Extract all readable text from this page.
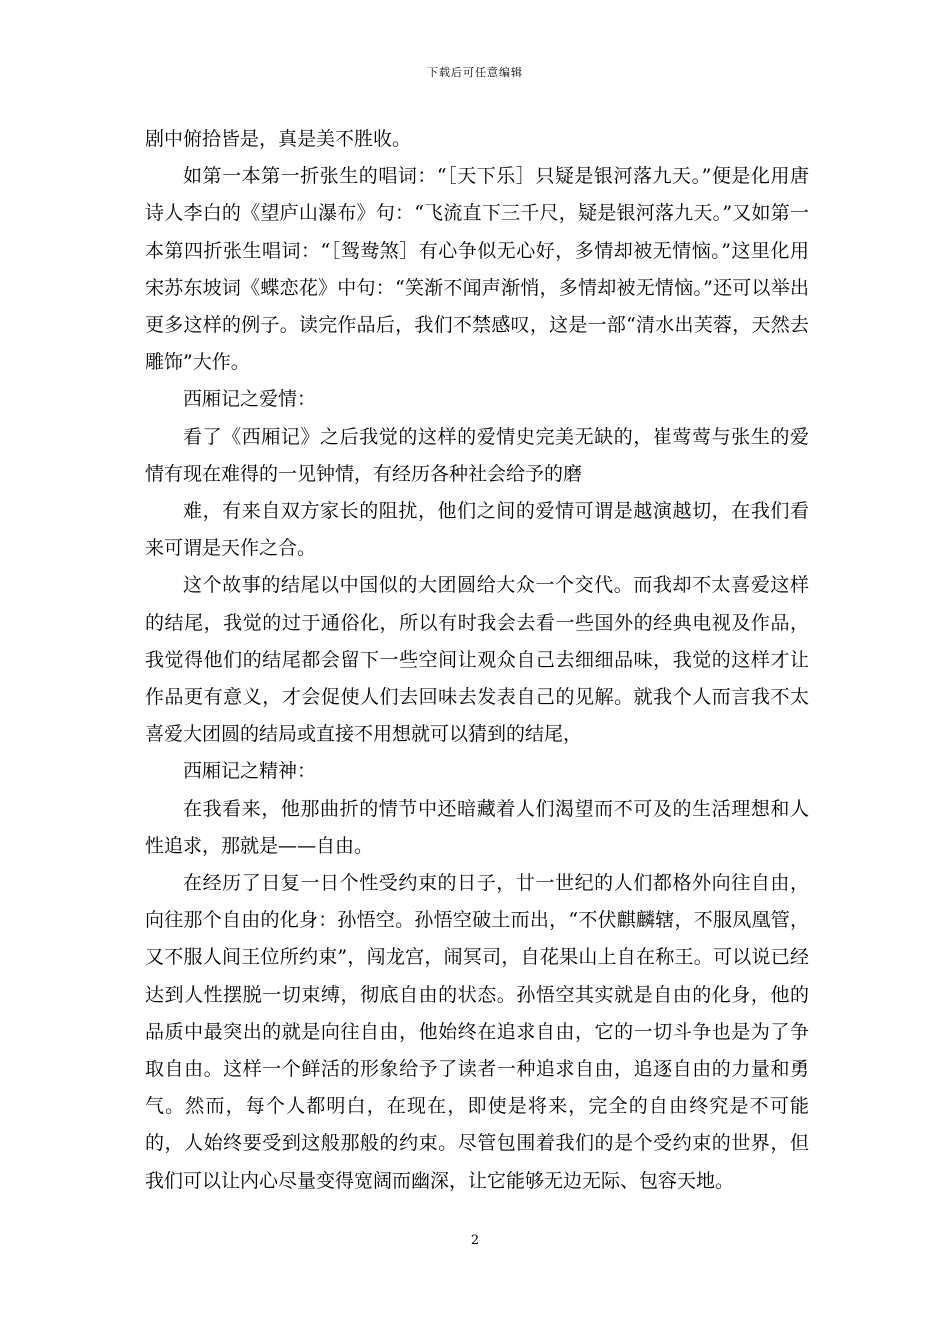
下载后可任意编辑

剧中俯拾皆是，真是美不胜收。

如第一本第一折张生的唱词：“［天下乐］只疑是银河落九天。”便是化用唐诗人李白的《望庐山瀑布》句：“飞流直下三千尺，疑是银河落九天。”又如第一本第四折张生唱词：“［鸳鸯煞］有心争似无心好，多情却被无情恼。”这里化用宋苏东坡词《蝶恋花》中句：“笑渐不闻声渐悄，多情却被无情恼。”还可以举出更多这样的例子。读完作品后，我们不禁感叹，这是一部“清水出芙蓉，天然去雕饰”大作。

西厢记之爱情：

看了《西厢记》之后我觉的这样的爱情史完美无缺的，崔莺莺与张生的爱情有现在难得的一见钟情，有经历各种社会给予的磨

难，有来自双方家长的阻扰，他们之间的爱情可谓是越演越切，在我们看来可谓是天作之合。

这个故事的结尾以中国似的大团圆给大众一个交代。而我却不太喜爱这样的结尾，我觉的过于通俗化，所以有时我会去看一些国外的经典电视及作品，我觉得他们的结尾都会留下一些空间让观众自己去细细品味，我觉的这样才让作品更有意义，才会促使人们去回味去发表自己的见解。就我个人而言我不太喜爱大团圆的结局或直接不用想就可以猜到的结尾，

西厢记之精神：

在我看来，他那曲折的情节中还暗藏着人们渴望而不可及的生活理想和人性追求，那就是——自由。

在经历了日复一日个性受约束的日子，廿一世纪的人们都格外向往自由，向往那个自由的化身：孙悟空。孙悟空破土而出，“不伏麒麟辖，不服凤凰管，又不服人间王位所约束”，闯龙宫，闹冥司，自花果山上自在称王。可以说已经达到人性摆脱一切束缚，彻底自由的状态。孙悟空其实就是自由的化身，他的品质中最突出的就是向往自由，他始终在追求自由，它的一切斗争也是为了争取自由。这样一个鲜活的形象给予了读者一种追求自由，追逐自由的力量和勇气。然而，每个人都明白，在现在，即使是将来，完全的自由终究是不可能的，人始终要受到这般那般的约束。尽管包围着我们的是个受约束的世界，但我们可以让内心尽量变得宽阔而幽深，让它能够无边无际、包容天地。

2
